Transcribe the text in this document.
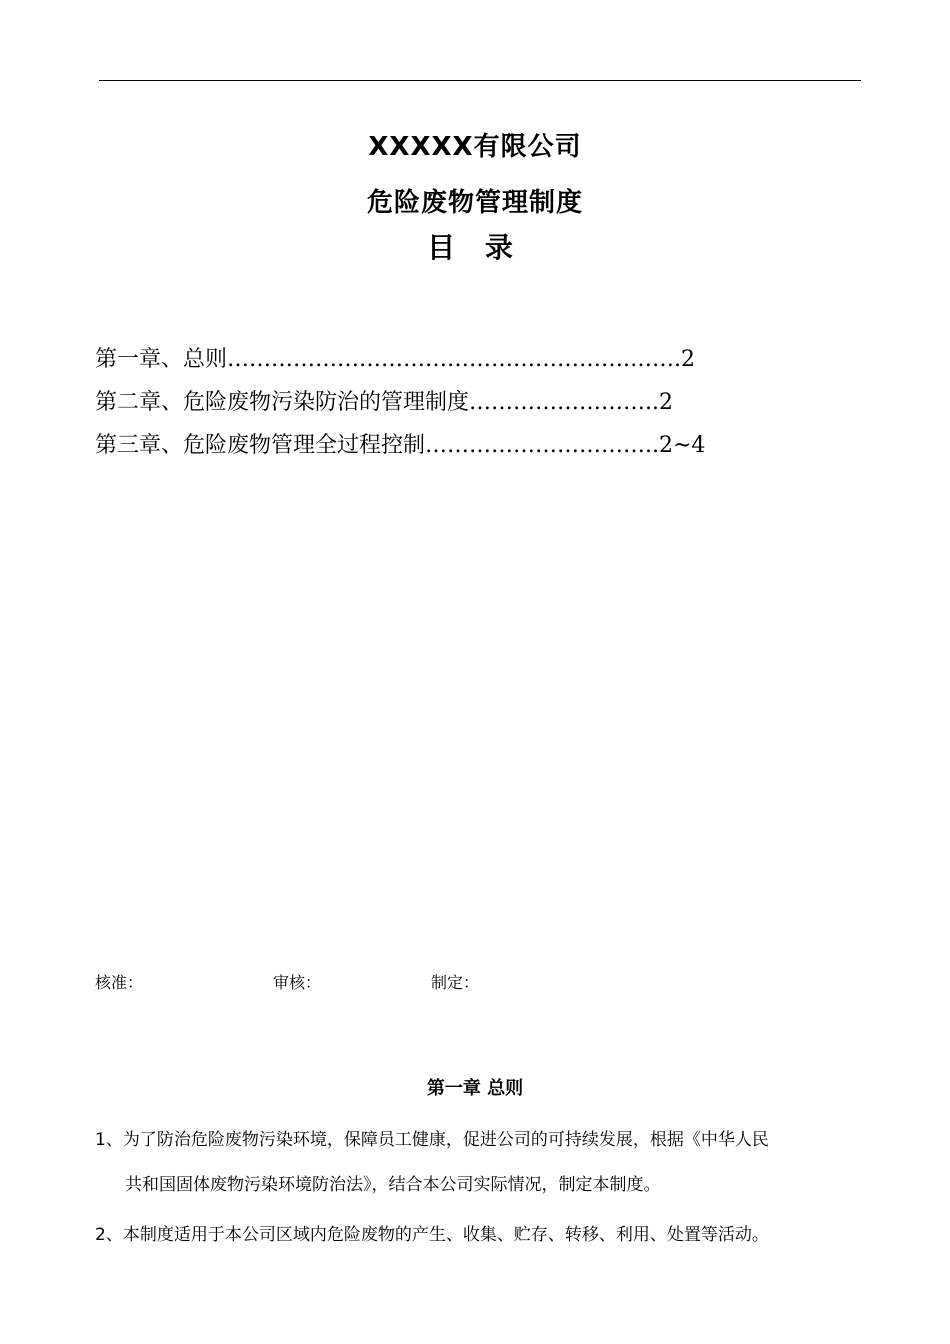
XXXXX有限公司
危险废物管理制度
目 录
第一章、总则……………………………………………….…….2
第二章、危险废物污染防治的管理制度……………………..2
第三章、危险废物管理全过程控制…………………………..2~4
核准：	审核：	制定：
第一章 总则
1、为了防治危险废物污染环境，保障员工健康，促进公司的可持续发展，根据《中华人民
共和国固体废物污染环境防治法》，结合本公司实际情况，制定本制度。
2、本制度适用于本公司区域内危险废物的产生、收集、贮存、转移、利用、处置等活动。
